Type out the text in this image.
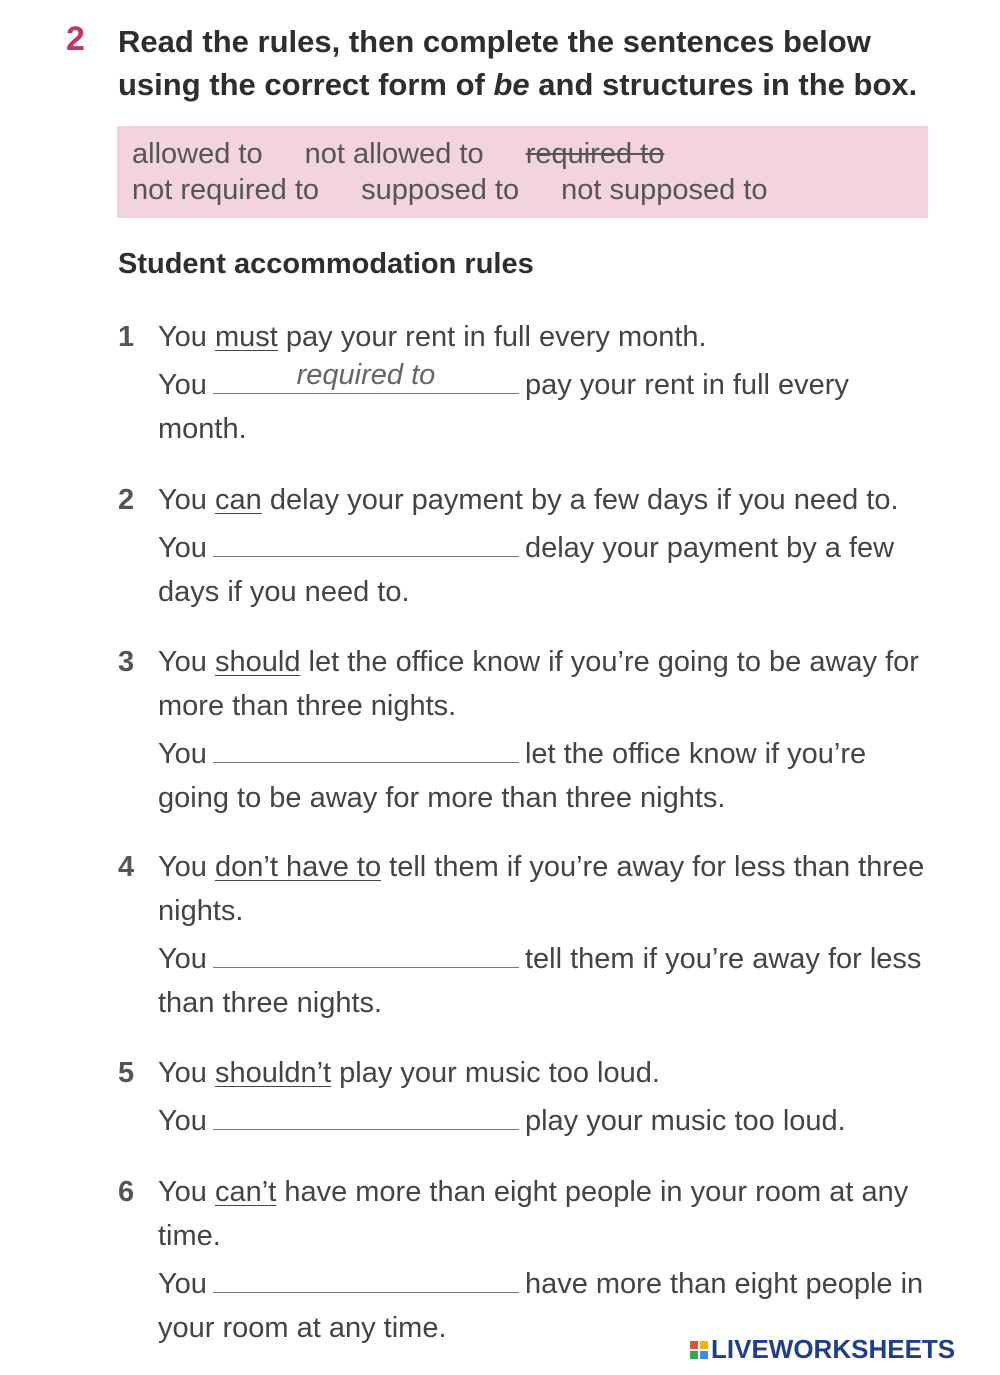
2 Read the rules, then complete the sentences below using the correct form of be and structures in the box.
allowed to not allowed to required to
not required to supposed to not supposed to
Student accommodation rules
1 You must pay your rent in full every month.
You	required to	pay your rent in full every month.
2 You can delay your payment by a few days if you need to.
You	delay your payment by a few days if you need to.
3 You should let the office know if you’re going to be away for more than three nights.
You	let the office know if you’re going to be away for more than three nights.
4 You don’t have to tell them if you’re away for less than three nights.
You	tell them if you’re away for less than three nights.
5 You shouldn’t play your music too loud.
You	play your music too loud.
6 You can’t have more than eight people in your room at any time.
You	have more than eight people in your room at any time.
LIVEWORKSHEETS
